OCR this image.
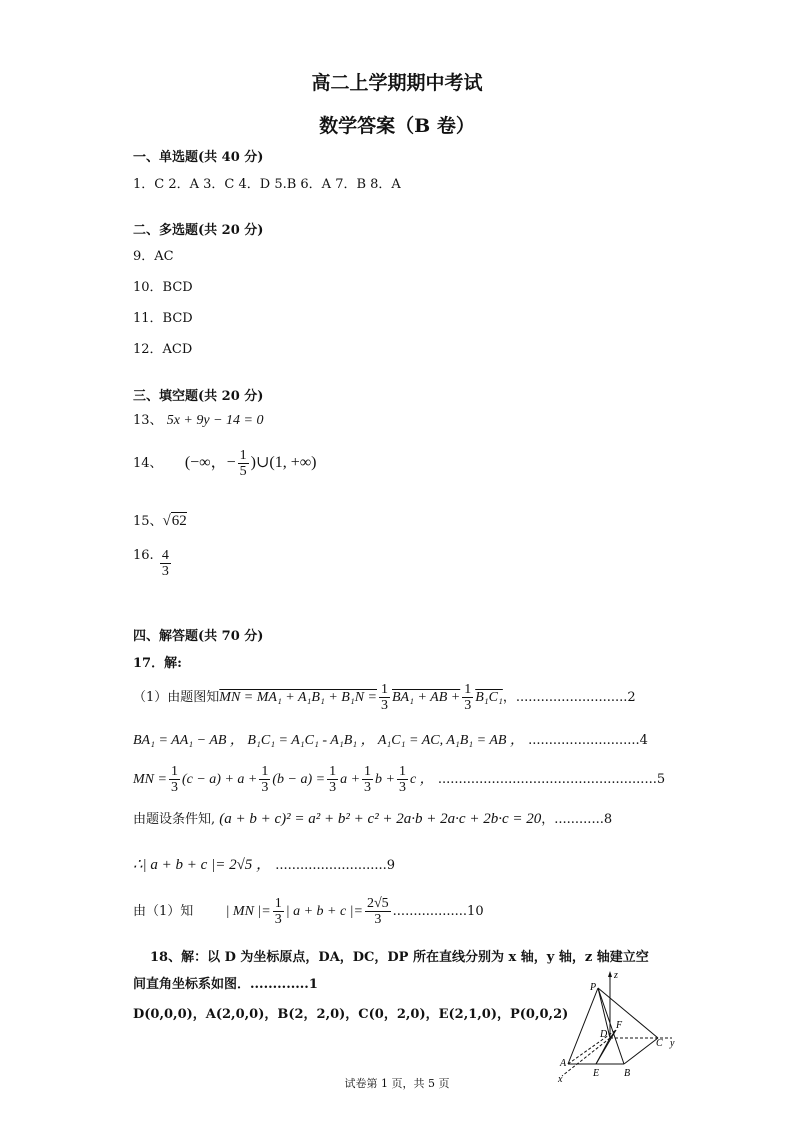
高二上学期期中考试
数学答案（B 卷）
一、单选题(共 40 分)
1．C 2．A 3．C 4．D 5.B 6．A 7．B 8．A
二、多选题(共 20 分)
9．AC
10．BCD
11．BCD
12．ACD
三、填空题(共 20 分)
13、 5x + 9y − 14 = 0
14、 (−∞，− $\frac{1}{5}$ )∪(1, +∞)
15、√62
16. $\frac{4}{3}$
四、解答题(共 70 分)
17．解:
（1）由题图知MN = $MA_1 + A_1B_1 + B_1N = \frac{1}{3} BA_1$ + AB + $\frac{1}{3} B_1C_1$，...........................2
BA₁ = AA₁ − AB ， B₁C₁ = A₁C₁ - A₁B₁ ， A₁C₁ = AC, A₁B₁ = AB ， ...........................4
MN = $\frac{1}{3} (c - a) + a + \frac{1}{3} (b - a) = \frac{1}{3}$ $a + \frac{1}{3}$ $b + \frac{1}{3}$ c ， .....................................................5
由题设条件知, (a + b + c)² = a² + b² + c² + 2a·b + 2a·c + 2b·c = 20，............8
∴| a + b + c |= 2√5 ， ...........................9
由（1）知 | MN |= $\frac{1}{3}$ | a + b + c |= $\frac{2√5}{3} ..................10$
18、解：以 D 为坐标原点，DA，DC，DP 所在直线分别为 x 轴，y 轴，z 轴建立空
间直角坐标系如图．.............1
D(0,0,0)，A(2,0,0)，B(2，2,0)，C(0，2,0)，E(2,1,0)，P(0,0,2)
z
P
D
F
C y
A
E B
x
试卷第 1 页，共 5 页
